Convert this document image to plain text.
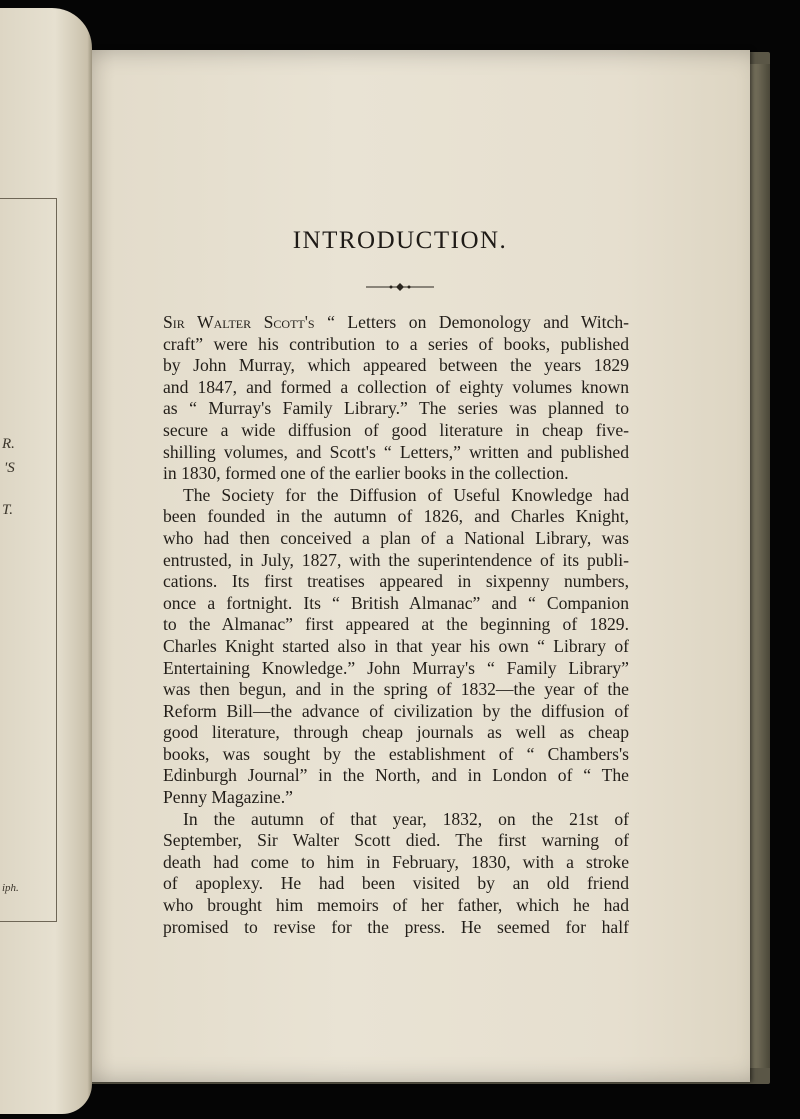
R.
'S
T.
iph.
INTRODUCTION.
Sir Walter Scott's “ Letters on Demonology and Witch-
craft” were his contribution to a series of books, published
by John Murray, which appeared between the years 1829
and 1847, and formed a collection of eighty volumes known
as “ Murray's Family Library.” The series was planned to
secure a wide diffusion of good literature in cheap five-
shilling volumes, and Scott's “ Letters,” written and published
in 1830, formed one of the earlier books in the collection.
The Society for the Diffusion of Useful Knowledge had
been founded in the autumn of 1826, and Charles Knight,
who had then conceived a plan of a National Library, was
entrusted, in July, 1827, with the superintendence of its publi-
cations. Its first treatises appeared in sixpenny numbers,
once a fortnight. Its “ British Almanac” and “ Companion
to the Almanac” first appeared at the beginning of 1829.
Charles Knight started also in that year his own “ Library of
Entertaining Knowledge.” John Murray's “ Family Library”
was then begun, and in the spring of 1832—the year of the
Reform Bill—the advance of civilization by the diffusion of
good literature, through cheap journals as well as cheap
books, was sought by the establishment of “ Chambers's
Edinburgh Journal” in the North, and in London of “ The
Penny Magazine.”
In the autumn of that year, 1832, on the 21st of
September, Sir Walter Scott died. The first warning of
death had come to him in February, 1830, with a stroke
of apoplexy. He had been visited by an old friend
who brought him memoirs of her father, which he had
promised to revise for the press. He seemed for half
